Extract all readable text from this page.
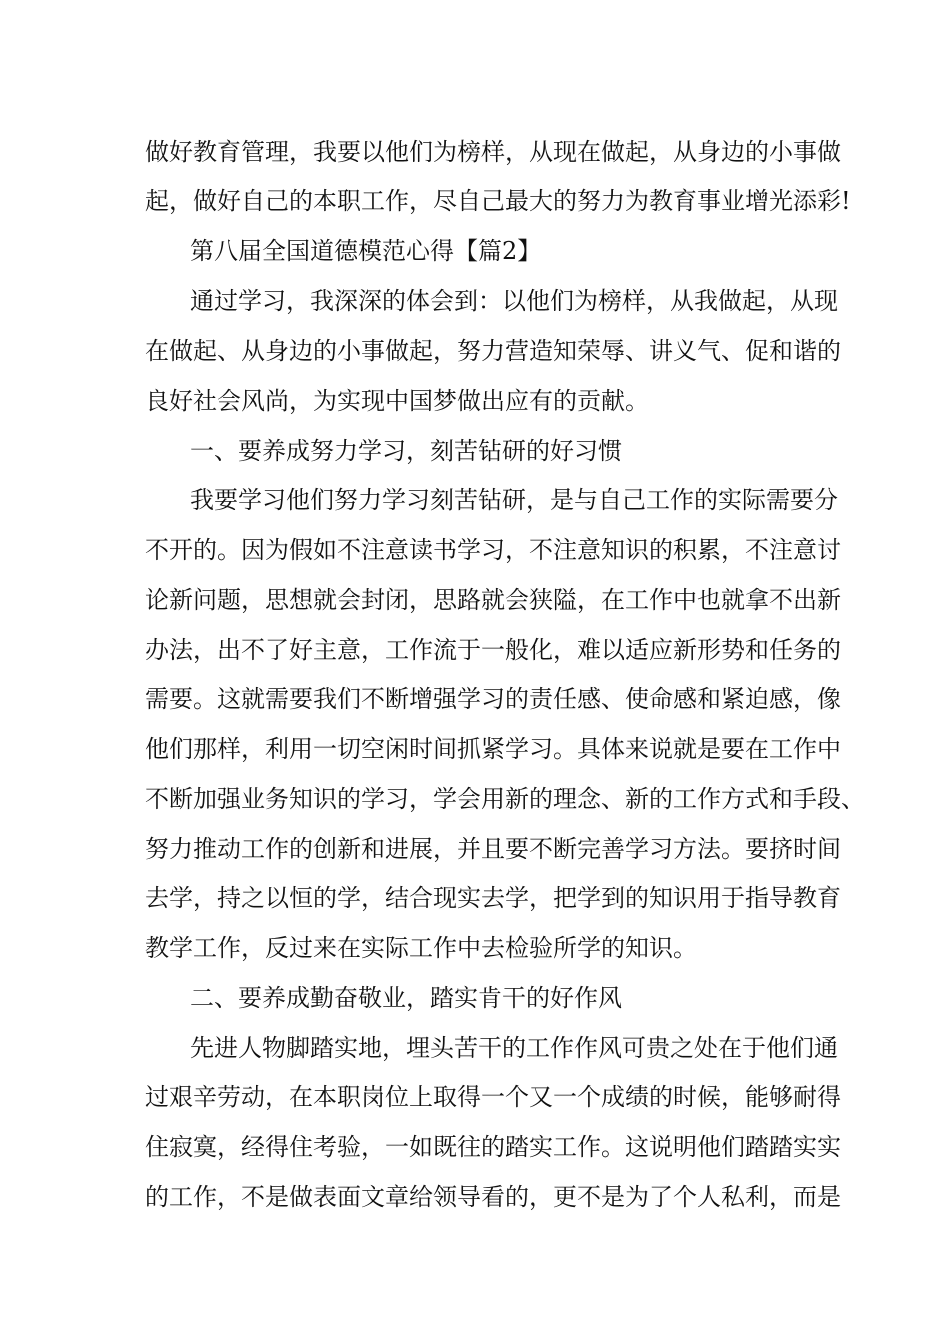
做好教育管理，我要以他们为榜样，从现在做起，从身边的小事做

起，做好自己的本职工作，尽自己最大的努力为教育事业增光添彩!

第八届全国道德模范心得【篇2】

通过学习，我深深的体会到：以他们为榜样，从我做起，从现

在做起、从身边的小事做起，努力营造知荣辱、讲义气、促和谐的

良好社会风尚，为实现中国梦做出应有的贡献。

一、要养成努力学习，刻苦钻研的好习惯

我要学习他们努力学习刻苦钻研，是与自己工作的实际需要分

不开的。因为假如不注意读书学习，不注意知识的积累，不注意讨

论新问题，思想就会封闭，思路就会狭隘，在工作中也就拿不出新

办法，出不了好主意，工作流于一般化，难以适应新形势和任务的

需要。这就需要我们不断增强学习的责任感、使命感和紧迫感，像

他们那样，利用一切空闲时间抓紧学习。具体来说就是要在工作中

不断加强业务知识的学习，学会用新的理念、新的工作方式和手段、

努力推动工作的创新和进展，并且要不断完善学习方法。要挤时间

去学，持之以恒的学，结合现实去学，把学到的知识用于指导教育

教学工作，反过来在实际工作中去检验所学的知识。

二、要养成勤奋敬业，踏实肯干的好作风

先进人物脚踏实地，埋头苦干的工作作风可贵之处在于他们通

过艰辛劳动，在本职岗位上取得一个又一个成绩的时候，能够耐得

住寂寞，经得住考验，一如既往的踏实工作。这说明他们踏踏实实

的工作，不是做表面文章给领导看的，更不是为了个人私利，而是
